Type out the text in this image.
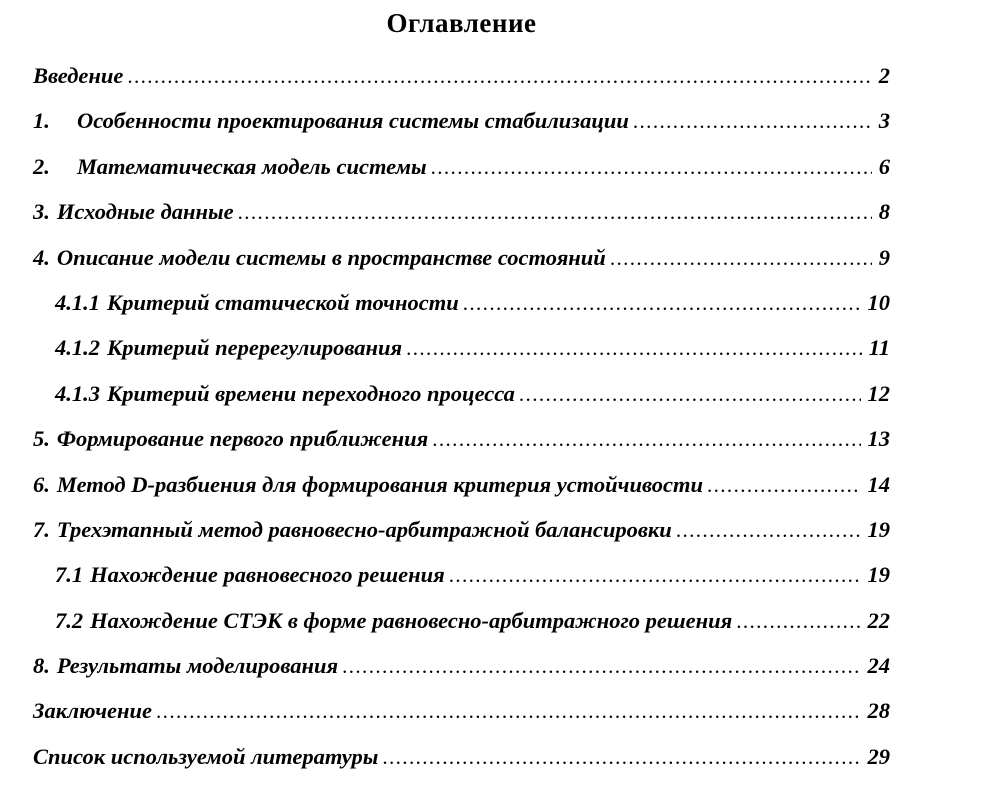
Оглавление
Введение .....	2
1.	Особенности проектирования системы стабилизации .....	3
2.	Математическая модель системы .....	6
3. Исходные данные .....	8
4. Описание модели системы в пространстве состояний .....	9
4.1.1 Критерий статической точности .....	10
4.1.2 Критерий перерегулирования .....	11
4.1.3 Критерий времени переходного процесса .....	12
5. Формирование первого приближения .....	13
6. Метод D-разбиения для формирования критерия устойчивости .....	14
7. Трехэтапный метод равновесно-арбитражной балансировки .....	19
7.1 Нахождение равновесного решения .....	19
7.2 Нахождение СТЭК в форме равновесно-арбитражного решения .....	22
8. Результаты моделирования .....	24
Заключение .....	28
Список используемой литературы .....	29
